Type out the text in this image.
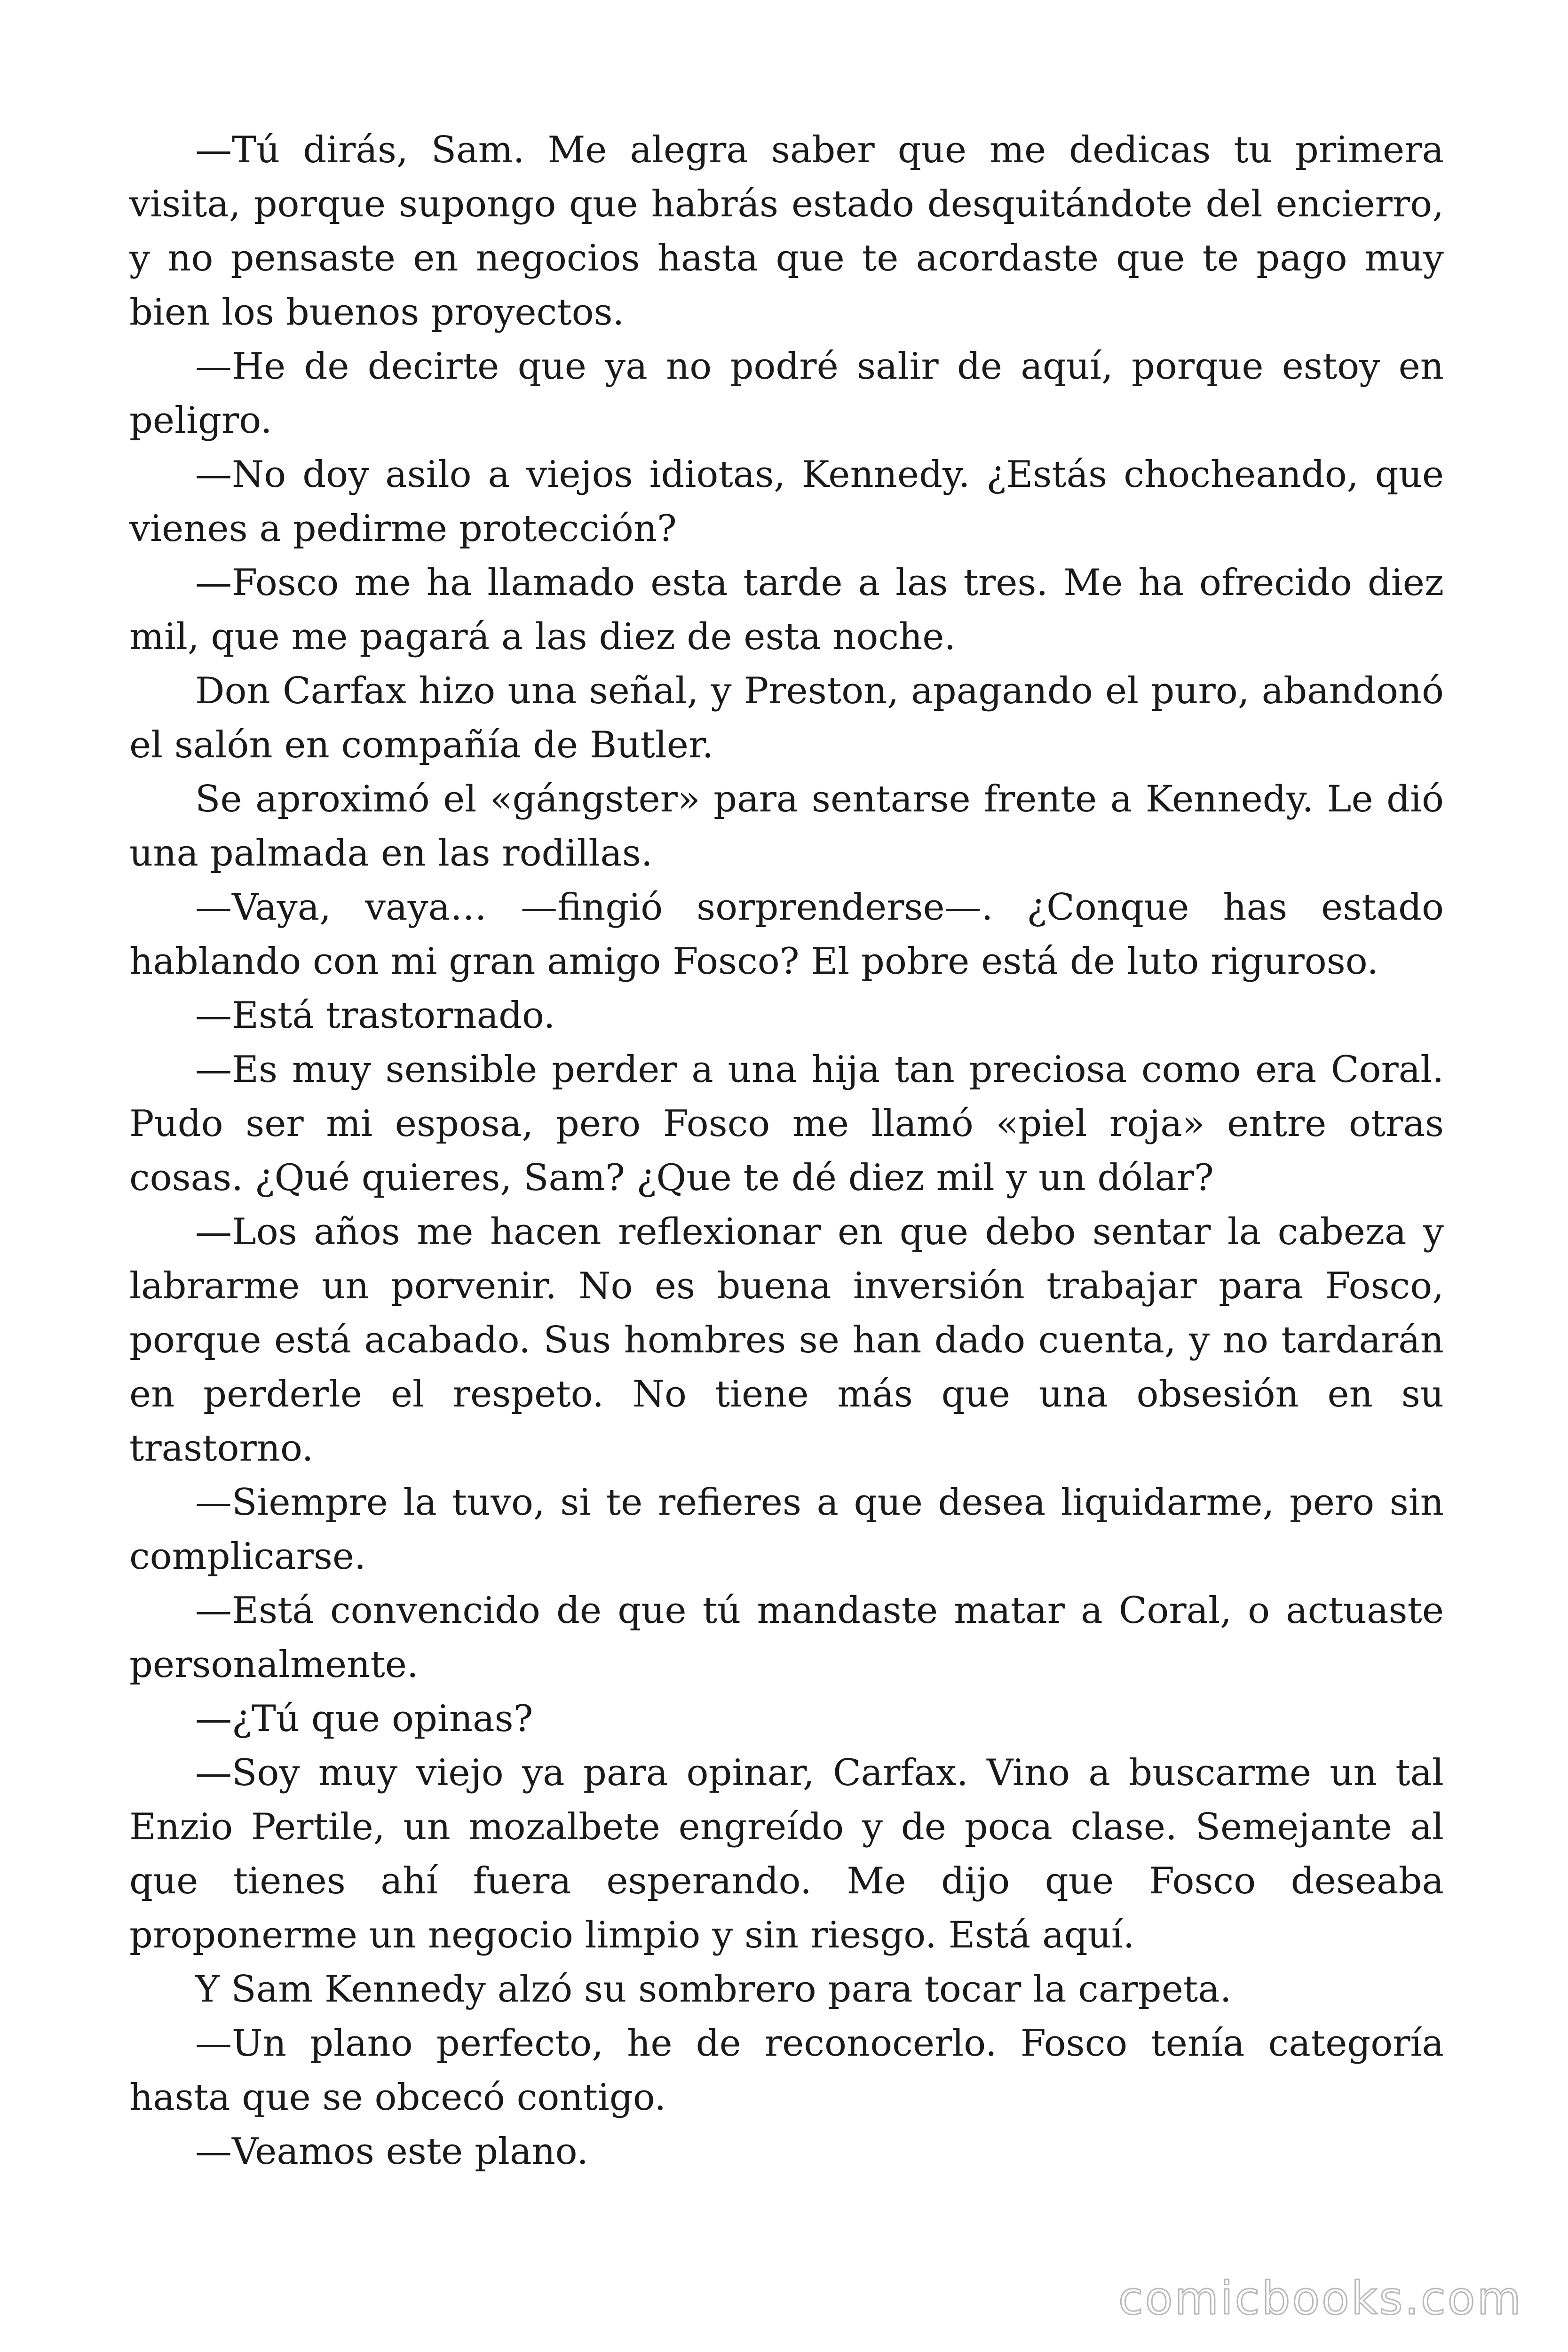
—Tú dirás, Sam. Me alegra saber que me dedicas tu primera visita, porque supongo que habrás estado desquitándote del encierro, y no pensaste en negocios hasta que te acordaste que te pago muy bien los buenos proyectos.

—He de decirte que ya no podré salir de aquí, porque estoy en peligro.

—No doy asilo a viejos idiotas, Kennedy. ¿Estás chocheando, que vienes a pedirme protección?

—Fosco me ha llamado esta tarde a las tres. Me ha ofrecido diez mil, que me pagará a las diez de esta noche.

Don Carfax hizo una señal, y Preston, apagando el puro, abandonó el salón en compañía de Butler.

Se aproximó el «gángster» para sentarse frente a Kennedy. Le dió una palmada en las rodillas.

—Vaya, vaya… —fingió sorprenderse—. ¿Conque has estado hablando con mi gran amigo Fosco? El pobre está de luto riguroso.

—Está trastornado.

—Es muy sensible perder a una hija tan preciosa como era Coral. Pudo ser mi esposa, pero Fosco me llamó «piel roja» entre otras cosas. ¿Qué quieres, Sam? ¿Que te dé diez mil y un dólar?

—Los años me hacen reflexionar en que debo sentar la cabeza y labrarme un porvenir. No es buena inversión trabajar para Fosco, porque está acabado. Sus hombres se han dado cuenta, y no tardarán en perderle el respeto. No tiene más que una obsesión en su trastorno.

—Siempre la tuvo, si te refieres a que desea liquidarme, pero sin complicarse.

—Está convencido de que tú mandaste matar a Coral, o actuaste personalmente.

—¿Tú que opinas?

—Soy muy viejo ya para opinar, Carfax. Vino a buscarme un tal Enzio Pertile, un mozalbete engreído y de poca clase. Semejante al que tienes ahí fuera esperando. Me dijo que Fosco deseaba proponerme un negocio limpio y sin riesgo. Está aquí.

Y Sam Kennedy alzó su sombrero para tocar la carpeta.

—Un plano perfecto, he de reconocerlo. Fosco tenía categoría hasta que se obcecó contigo.

—Veamos este plano.

comicbooks.com
